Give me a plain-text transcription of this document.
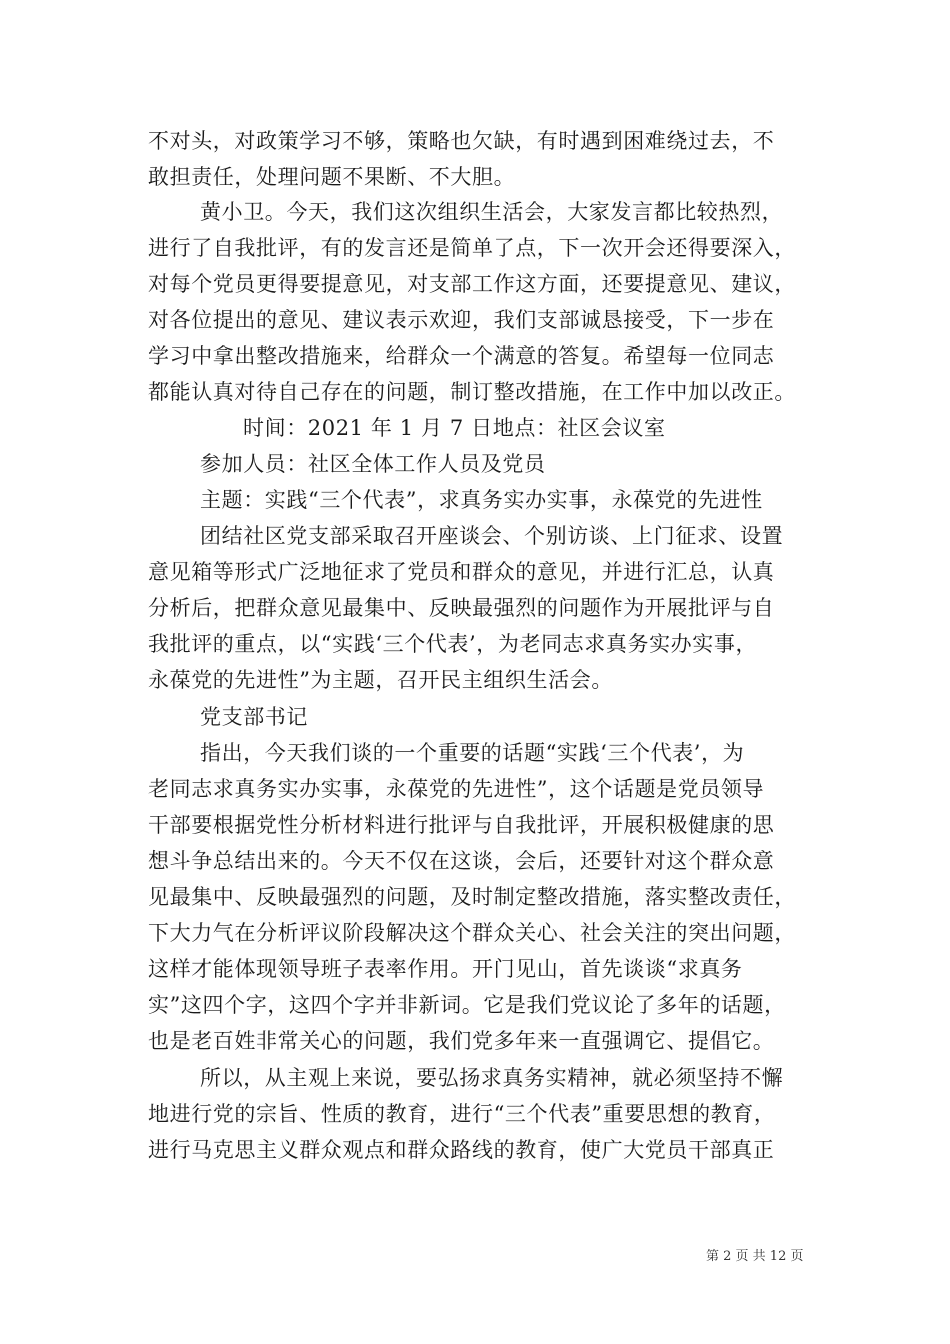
不对头，对政策学习不够，策略也欠缺，有时遇到困难绕过去，不
敢担责任，处理问题不果断、不大胆。
黄小卫。今天，我们这次组织生活会，大家发言都比较热烈，
进行了自我批评，有的发言还是简单了点，下一次开会还得要深入，
对每个党员更得要提意见，对支部工作这方面，还要提意见、建议，
对各位提出的意见、建议表示欢迎，我们支部诚恳接受，下一步在
学习中拿出整改措施来，给群众一个满意的答复。希望每一位同志
都能认真对待自己存在的问题，制订整改措施，在工作中加以改正。
时间：2021 年 1 月 7 日地点：社区会议室
参加人员：社区全体工作人员及党员
主题：实践“三个代表”，求真务实办实事，永葆党的先进性
团结社区党支部采取召开座谈会、个别访谈、上门征求、设置
意见箱等形式广泛地征求了党员和群众的意见，并进行汇总，认真
分析后，把群众意见最集中、反映最强烈的问题作为开展批评与自
我批评的重点，以“实践‘三个代表’，为老同志求真务实办实事，
永葆党的先进性”为主题，召开民主组织生活会。
党支部书记
指出，今天我们谈的一个重要的话题“实践‘三个代表’，为
老同志求真务实办实事，永葆党的先进性”，这个话题是党员领导
干部要根据党性分析材料进行批评与自我批评，开展积极健康的思
想斗争总结出来的。今天不仅在这谈，会后，还要针对这个群众意
见最集中、反映最强烈的问题，及时制定整改措施，落实整改责任，
下大力气在分析评议阶段解决这个群众关心、社会关注的突出问题，
这样才能体现领导班子表率作用。开门见山，首先谈谈“求真务
实”这四个字，这四个字并非新词。它是我们党议论了多年的话题，
也是老百姓非常关心的问题，我们党多年来一直强调它、提倡它。
所以，从主观上来说，要弘扬求真务实精神，就必须坚持不懈
地进行党的宗旨、性质的教育，进行“三个代表”重要思想的教育，
进行马克思主义群众观点和群众路线的教育，使广大党员干部真正
第 2 页 共 12 页
